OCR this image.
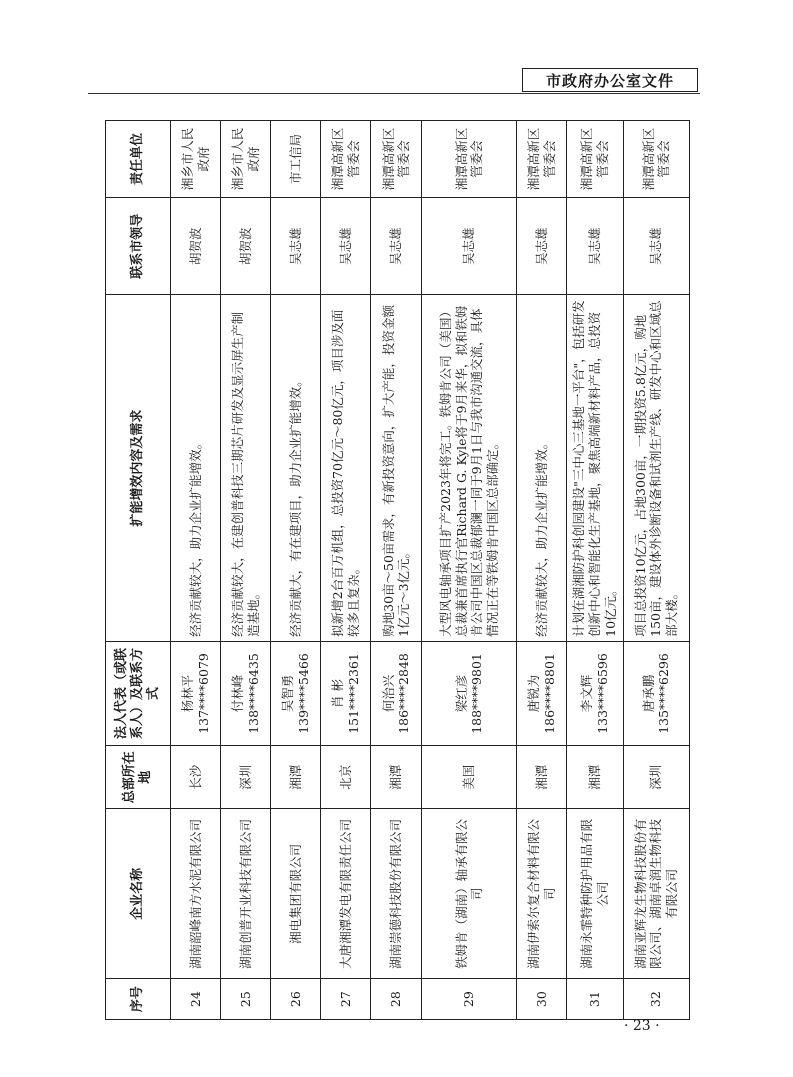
市政府办公室文件
序号	企业名称	总部所在地	法人代表（或联系人）及联系方式	扩能增效内容及需求	联系市领导	责任单位
24	湖南韶峰南方水泥有限公司	长沙	杨林平 137****6079	经济贡献较大，助力企业扩能增效。	胡贺波	湘乡市人民政府
25	湖南创普开业科技有限公司	深圳	付林峰 138****6435	经济贡献较大，在建创普科技三期芯片研发及显示屏生产制造基地。	胡贺波	湘乡市人民政府
26	湘电集团有限公司	湘潭	吴智勇 139****5466	经济贡献大，有在建项目，助力企业扩能增效。	吴志雄	市工信局
27	大唐湘潭发电有限责任公司	北京	肖 彬 151****2361	拟新增2台百万机组，总投资70亿元～80亿元，项目涉及面较多且复杂。	吴志雄	湘潭高新区管委会
28	湖南崇德科技股份有限公司	湘潭	何治兴 186****2848	购地30亩～50亩需求，有新投资意向，扩大产能，投资金额1亿元～3亿元。	吴志雄	湘潭高新区管委会
29	铁姆肯（湖南）轴承有限公司	美国	梁红彦 188****9801	大型风电轴承项目扩产2023年将完工。铁姆肯公司（美国）总裁兼首席执行官Richard G. Kyle将于9月来华，拟和铁姆肯公司中国区总裁郁澜一同于9月1日与我市沟通交流，具体情况正在等铁姆肯中国区总部确定。	吴志雄	湘潭高新区管委会
30	湖南伊索尔复合材料有限公司	湘潭	唐锐为 186****8801	经济贡献较大，助力企业扩能增效。	吴志雄	湘潭高新区管委会
31	湖南永霏特种防护用品有限公司	湘潭	李文辉 133****6596	计划在湖湘防护科创园建设"三中心三基地一平台"，包括研发创新中心和智能化生产基地，聚焦高端新材料产品，总投资10亿元。	吴志雄	湘潭高新区管委会
32	湖南亚辉龙生物科技股份有限公司、湖南卓润生物科技有限公司	深圳	唐承鹏 135****6296	项目总投资10亿元，占地300亩，一期投资5.8亿元，购地150亩，建设体外诊断设备和试剂生产线、研发中心和区域总部大楼。	吴志雄	湘潭高新区管委会
· 23 ·
